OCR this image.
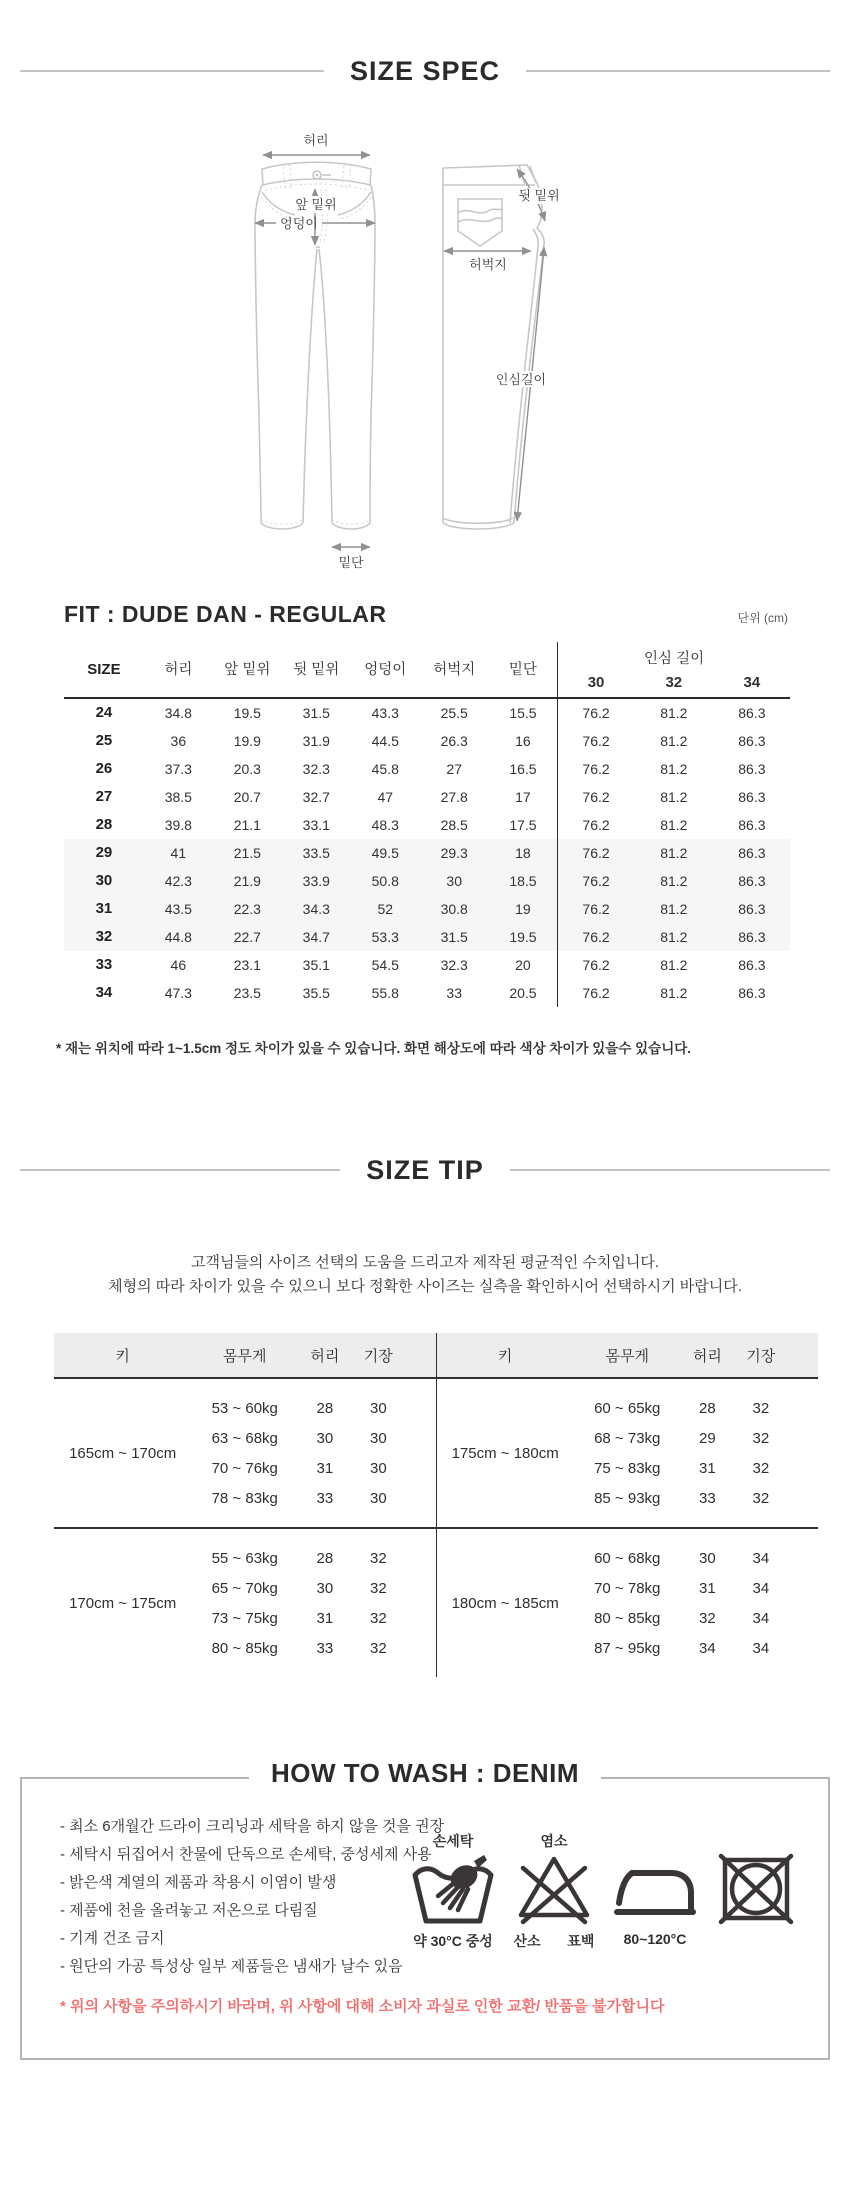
SIZE SPEC
허리
앞 밑위
엉덩이
밑단
뒷 밑위
허벅지
인심길이
FIT : DUDE DAN - REGULAR	단위 (cm)
SIZE	허리	앞 밑위	뒷 밑위	엉덩이	허벅지	밑단	인심 길이		
							30	32	34
24	34.8	19.5	31.5	43.3	25.5	15.5	76.2	81.2	86.3
25	36	19.9	31.9	44.5	26.3	16	76.2	81.2	86.3
26	37.3	20.3	32.3	45.8	27	16.5	76.2	81.2	86.3
27	38.5	20.7	32.7	47	27.8	17	76.2	81.2	86.3
28	39.8	21.1	33.1	48.3	28.5	17.5	76.2	81.2	86.3
29	41	21.5	33.5	49.5	29.3	18	76.2	81.2	86.3
30	42.3	21.9	33.9	50.8	30	18.5	76.2	81.2	86.3
31	43.5	22.3	34.3	52	30.8	19	76.2	81.2	86.3
32	44.8	22.7	34.7	53.3	31.5	19.5	76.2	81.2	86.3
33	46	23.1	35.1	54.5	32.3	20	76.2	81.2	86.3
34	47.3	23.5	35.5	55.8	33	20.5	76.2	81.2	86.3
* 재는 위치에 따라 1~1.5cm 정도 차이가 있을 수 있습니다. 화면 해상도에 따라 색상 차이가 있을수 있습니다.
SIZE TIP
고객님들의 사이즈 선택의 도움을 드리고자 제작된 평균적인 수치입니다.
체형의 따라 차이가 있을 수 있으니 보다 정확한 사이즈는 실측을 확인하시어 선택하시기 바랍니다.
키	몸무게	허리	기장	키	몸무게	허리	기장
165cm ~ 170cm
53 ~ 60kg	28	30
63 ~ 68kg	30	30
70 ~ 76kg	31	30
78 ~ 83kg	33	30
175cm ~ 180cm
60 ~ 65kg	28	32
68 ~ 73kg	29	32
75 ~ 83kg	31	32
85 ~ 93kg	33	32
170cm ~ 175cm
55 ~ 63kg	28	32
65 ~ 70kg	30	32
73 ~ 75kg	31	32
80 ~ 85kg	33	32
180cm ~ 185cm
60 ~ 68kg	30	34
70 ~ 78kg	31	34
80 ~ 85kg	32	34
87 ~ 95kg	34	34
HOW TO WASH : DENIM
- 최소 6개월간 드라이 크리닝과 세탁을 하지 않을 것을 권장
- 세탁시 뒤집어서 찬물에 단독으로 손세탁, 중성세제 사용
- 밝은색 계열의 제품과 착용시 이염이 발생
- 제품에 천을 올려놓고 저온으로 다림질
- 기계 건조 금지
- 원단의 가공 특성상 일부 제품들은 냄새가 날수 있음
손세탁
약 30°C 중성
염소
산소 표백 80~120°C
* 위의 사항을 주의하시기 바라며, 위 사항에 대해 소비자 과실로 인한 교환/ 반품을 불가합니다
